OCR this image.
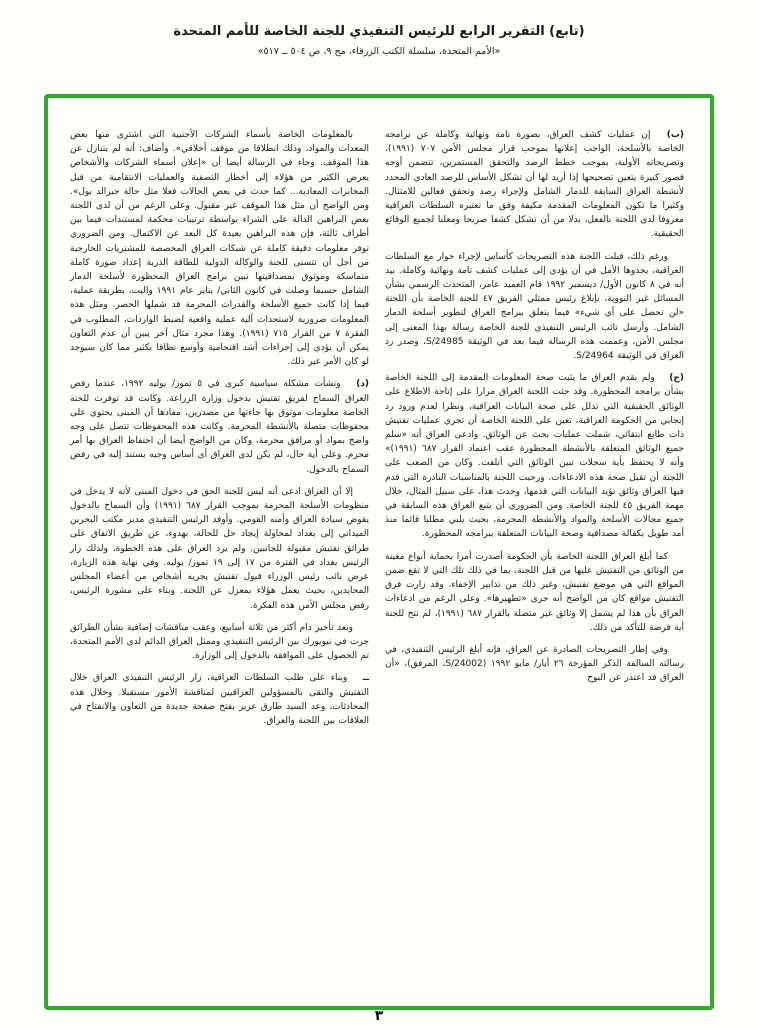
(تابع) التقرير الرابع للرئيس التنفيذي للجنة الخاصة للأمم المتحدة
«الأمم المتحدة، سلسلة الكتب الزرقاء، مج ٩، ص ٥٠٤ ــ ٥١٧»

(ب) إن عمليات كشف العراق، بصورة تامة ونهائية وكاملة عن برامجه الخاصة بالأسلحة، الواجب إعلانها بموجب قرار مجلس الأمن ٧٠٧ (١٩٩١)، وتصريحاته الأولية، بموجب خطط الرصد والتحقق المستمرين، تتضمن أوجه قصور كبيرة يتعين تصحيحها إذا أريد لها أن تشكل الأساس للرصد العادي المحدد لأنشطة العراق السابقة للدمار الشامل ولإجراء رصد وتحقق فعالين للامتثال. وكثيرا ما تكون المعلومات المقدمة مكيفة وفق ما تعتبره السلطات العراقية معروفا لدى اللجنة بالفعل، بدلا من أن تشكل كشفا صريحا ومعلنا لجميع الوقائع الحقيقية.

ورغم ذلك، قبلت اللجنة هذه التصريحات كأساس لإجراء حوار مع السلطات العراقية، يحدوها الأمل في أن يؤدي إلى عمليات كشف تامة ونهائية وكاملة. بيد أنه في ٨ كانون الأول/ ديسمبر ١٩٩٢ قام العميد عامر، المتحدث الرسمي بشأن المسائل غير النووية، بإبلاغ رئيس ممثلي الفريق ٤٧ للجنة الخاصة بأن اللجنة «لن تحصل على أي شيء» فيما يتعلق ببرامج العراق لتطوير أسلحة الدمار الشامل. وأرسل نائب الرئيس التنفيذي للجنة الخاصة رسالة بهذا المعنى إلى مجلس الأمن، وعممت هذه الرسالة فيما بعد في الوثيقة S/24985، وصدر رد العراق في الوثيقة S/24964.

(ج) ولم يقدم العراق ما يثبت صحة المعلومات المقدمة إلى اللجنة الخاصة بشأن برامجه المحظورة. وقد حثت اللجنة العراق مرارا على إتاحة الاطلاع على الوثائق الحقيقية التي تدلل على صحة البيانات العراقية، ونظرا لعدم ورود رد إيجابي من الحكومة العراقية، تعين على اللجنة الخاصة أن تجري عمليات تفتيش ذات طابع انتقائي، شملت عمليات بحث عن الوثائق. وادعى العراق أنه «سلم جميع الوثائق المتعلقة بالأنشطة المحظورة عقب اعتماد القرار ٦٨٧ (١٩٩١)» وأنه لا يحتفظ بأية سجلات تبين الوثائق التي أتلفت. وكان من الصعب على اللجنة أن تقبل صحة هذه الادعاءات. ورحبت اللجنة بالمناسبات النادرة التي قدم فيها العراق وثائق تؤيد البيانات التي قدمها، وحدث هذا، على سبيل المثال، خلال مهمة الفريق ٤٥ للجنة الخاصة. ومن الضروري أن يتبع العراق هذه السابقة في جميع مجالات الأسلحة والمواد والأنشطة المحرمة، بحيث يلبي مطلبا قائما منذ أمد طويل بكفالة مصداقية وصحة البيانات المتعلقة ببرامجه المحظورة.

كما أبلغ العراق اللجنة الخاصة بأن الحكومة أصدرت أمرا بحماية أنواع معينة من الوثائق من التفتيش عليها من قبل اللجنة، بما في ذلك تلك التي لا تقع ضمن المواقع التي هي موضع تفتيش، وغير ذلك من تدابير الإخفاء. وقد زارت فرق التفتيش مواقع كان من الواضح أنه جرى «تطهيرها». وعلى الرغم من ادعاءات العراق بأن هذا لم يشمل إلا وثائق غير متصلة بالقرار ٦٨٧ (١٩٩١)، لم تتح للجنة أية فرصة للتأكد من ذلك.

وفي إطار التصريحات الصادرة عن العراق، فإنه أبلغ الرئيس التنفيذي، في رسالته السالفة الذكر المؤرخة ٢٦ أيار/ مايو ١٩٩٢ (S/24002، المرفق)، «أن العراق قد اعتذر عن البوح

بالمعلومات الخاصة بأسماء الشركات الأجنبية التي اشترى منها بعض المعدات والمواد، وذلك انطلاقا من موقف أخلاقي». وأضاف: أنه لم يتنازل عن هذا الموقف. وجاء في الرسالة أيضا أن «إعلان أسماء الشركات والأشخاص يعرض الكثير من هؤلاء إلى أخطار التصفية والعمليات الانتقامية من قبل المخابرات المعادية... كما حدث في بعض الحالات فعلا مثل حالة جيرالد بول». ومن الواضح أن مثل هذا الموقف غير مقبول. وعلى الرغم من أن لدى اللجنة بعض البراهين الدالة على الشراء بواسطة ترتيبات محكمة لمستندات فيما بين أطراف ثالثة، فإن هذه البراهين بعيدة كل البعد عن الاكتمال. ومن الضروري توفر معلومات دقيقة كاملة عن شبكات العراق المخصصة للمشتريات الخارجية من أجل أن تتسنى للجنة والوكالة الدولية للطاقة الذرية إعداد صورة كاملة متماسكة وموثوق بمصداقيتها تبين برامج العراق المحظورة لأسلحة الدمار الشامل حسبما وصلت في كانون الثاني/ يناير عام ١٩٩١ والبت، بطريقة عملية، فيما إذا كانت جميع الأسلحة والقدرات المحرمة قد شملها الحصر. ومثل هذه المعلومات ضرورية لاستحداث آلية عملية واقعية لضبط الواردات، المطلوب في الفقرة ٧ من القرار ٧١٥ (١٩٩١). وهذا مجرد مثال آخر يبين أن عدم التعاون يمكن أن يؤدي إلى إجراءات أشد اقتحامية وأوسع نطاقا بكثير مما كان سيوجد لو كان الأمر غير ذلك.

(د) ونشأت مشكلة سياسية كبرى في ٥ تموز/ يوليه ١٩٩٢، عندما رفض العراق السماح لفريق تفتيش بدخول وزارة الزراعة. وكانت قد توفرت للجنة الخاصة معلومات موثوق بها جاءتها من مصدرين، مفادها أن المبنى يحتوي على محفوظات متصلة بالأنشطة المحرمة. وكانت هذه المحفوظات تتصل على وجه واضح بمواد أو مرافق محرمة، وكان من الواضح أيضا أن احتفاظ العراق بها أمر محرم. وعلى أية حال، لم يكن لدى العراق أي أساس وجيه يستند إليه في رفض السماح بالدخول.

إلا أن العراق ادعى أنه ليس للجنة الحق في دخول المبنى لأنه لا يدخل في منظومات الأسلحة المحرمة بموجب القرار ٦٨٧ (١٩٩١) وأن السماح بالدخول يقوض سيادة العراق وأمنه القومي. وأوفد الرئيس التنفيذي مدير مكتب البحرين الميداني إلى بغداد لمحاولة إيجاد حل للحالة، بهدوء، عن طريق الاتفاق على طرائق تفتيش مقبولة للجانبين. ولم يرد العراق على هذه الخطوة، ولذلك زار الرئيس بغداد في الفترة من ١٧ إلى ١٩ تموز/ يوليه. وفي نهاية هذه الزيارة، عرض نائب رئيس الوزراء قبول تفتيش يجريه أشخاص من أعضاء المجلس المحايدين، بحيث يعمل هؤلاء بمعزل عن اللجنة. وبناء على مشورة الرئيس، رفض مجلس الأمن هذه الفكرة.

وبعد تأخير دام أكثر من ثلاثة أسابيع، وعقب مناقشات إضافية بشأن الطرائق جرت في نيويورك بين الرئيس التنفيذي وممثل العراق الدائم لدى الأمم المتحدة، تم الحصول على الموافقة بالدخول إلى الوزارة.

ــ وبناء على طلب السلطات العراقية، زار الرئيس التنفيذي العراق خلال التفتيش والتقى بالمسؤولين العراقيين لمناقشة الأمور مستقبلا. وخلال هذه المحادثات، وعد السيد طارق عزيز بفتح صفحة جديدة من التعاون والانفتاح في العلاقات بين اللجنة والعراق.

٣
